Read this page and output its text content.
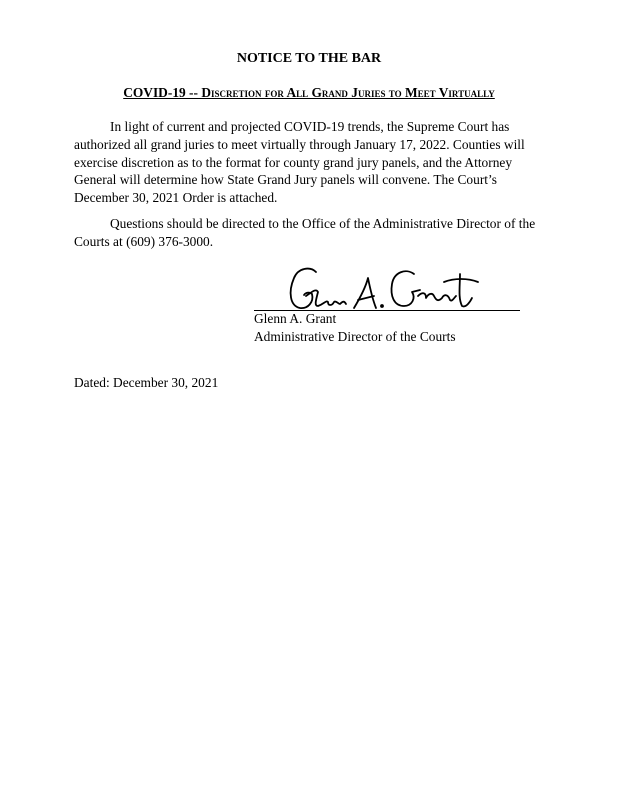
NOTICE TO THE BAR
COVID-19 -- Discretion for All Grand Juries to Meet Virtually

In light of current and projected COVID-19 trends, the Supreme Court has authorized all grand juries to meet virtually through January 17, 2022. Counties will exercise discretion as to the format for county grand jury panels, and the Attorney General will determine how State Grand Jury panels will convene. The Court’s December 30, 2021 Order is attached.

Questions should be directed to the Office of the Administrative Director of the Courts at (609) 376-3000.

Glenn A. Grant
Administrative Director of the Courts
Dated: December 30, 2021
